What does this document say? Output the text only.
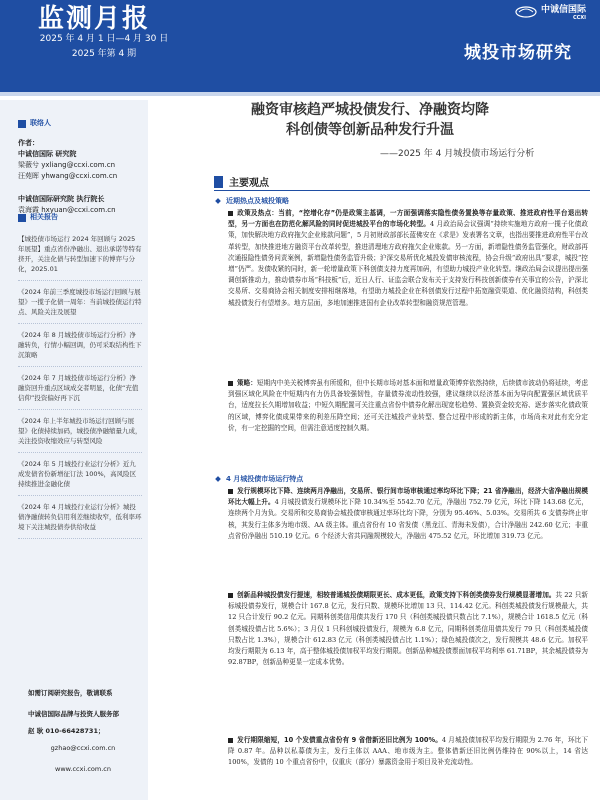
监测月报
2025 年 4 月 1 日—4 月 30 日
2025 年第 4 期
中诚信国际
CCXI
城投市场研究
联络人
作者：
中诚信国际 研究院
梁薇兮 yxliang@ccxi.com.cn
汪苑晖 yhwang@ccxi.com.cn
中诚信国际研究院 执行院长
袁海霞 hxyuan@ccxi.com.cn
相关报告
【城投债市场运行 2024 年回顾与 2025 年展望】重点省份净融出、退出承诺等特有挤开，关注化债与转型加速下的博弈与分化，2025.01
《2024 年前三季度城投市场运行回顾与展望》一揽子化债一周年：当前城投债运行特点、风险关注及展望
《2024 年 8 月城投债市场运行分析》净融转负，行情小幅回调，仍可采取结构性下沉策略
《2024 年 7 月城投债市场运行分析》净融资回升重点区域成交者明显，化债“充值信仰”投资偏好再下沉
《2024 年上半年城投市场运行回顾与展望》化债持续加码，城投债净融缩量九成，关注投资收缩效应与转型风险
《2024 年 5 月城投行业运行分析》近九成发债省份新增征订法 100%，高风险区持续推进金融化债
《2024 年 4 月城投行业运行分析》城投债净融债转负信用利差继续收窄，低利率环境下关注城投债券供给收益
如需订阅研究报告，敬请联系
中诚信国际品牌与投资人服务部
赵 耿 010-66428731；
gzhao@ccxi.com.cn
www.ccxi.com.cn
融资审核趋严城投债发行、净融资均降
科创债等创新品种发行升温
——2025 年 4 月城投债市场运行分析
主要观点
近期热点及城投策略
政策及热点：当前，“控增化存”仍是政策主基调，一方面强调落实隐性债务置换等存量政策、推进政府性平台退出转型，另一方面也在防范化解风险的同时促进城投平台的市场化转型。4 月政治局会议强调“持续实施地方政府一揽子化债政策，加快解决地方政府拖欠企业账款问题”，5 月初财政部部长蓝佛安在《求是》发表署名文章，也指出要推进政府性平台改革转型，加快推进地方融资平台改革转型，推进清理地方政府拖欠企业账款。另一方面，新增隐性债务监管强化，财政部再次通报隐性债务问责案例，新增隐性债务监管升级；沪深交易所优化城投发债审核流程，协会升级“政府出具”要求，城投“控增”仍严。发债收紧的同时，新一轮增量政策下科创债支持力度再加码，有望助力城投产业化转型。继政治局会议提出提出强调创新推动力，推动债券市场“科技板”后，近日人行、证监会联合发布关于支持发行科技创新债券有关事宜的公告，沪深北交易所、交易商协会相关制度安排相继落地，有望助力城投企业在科创债发行过程中拓宽融资渠道、优化融资结构，科创类城投债发行有望增多。地方层面，多地加速推进国有企业改革转型和融资规范管理。
策略：短期内中美关税博弈虽有所缓和，但中长期市场对基本面和增量政策博弈依然持续，后续债市波动仍将延续，考虑到强区域化风险在中短期内有力仍具备较强韧性，存量债券流动性较强，建议继续以经济基本面为导向配置强区域优质平台，适度拉长久期增加收益；中短久期配置可关注重点省份中债券化解出现宽松趋势、置换资金较充裕、逐步落实化债政策的区域，博弈化债成果带来的利差压降空间；还可关注城投产业转型、整合过程中形成的新主体，市场尚未对此有充分定价，有一定挖掘的空间，但需注意适度控制久期。
4 月城投债市场运行特点
发行规模环比下降、连续两月净融出，交易所、银行间市场审核通过率均环比下降；21 省净融出，经济大省净融出规模环比大幅上升。4 月城投债发行规模环比下降 10.34%至 5542.70 亿元，净融出 752.79 亿元，环比下降 143.68 亿元，连续两个月为负。交易所和交易商协会城投债审核通过率环比均下降，分别为 95.46%、5.03%。交易所共 6 支债券终止审核，其发行主体多为地市级、AA 级主体。重点省份有 10 省发债（黑龙江、青海未发债），合计净融出 242.60 亿元；非重点省份净融出 510.19 亿元。6 个经济大省共同融规模较大，净融出 475.52 亿元，环比增加 319.73 亿元。
创新品种城投债发行提速，相较普通城投债期限更长、成本更低，政策支持下科创类债券发行规模显著增加。共 22 只新标城投债券发行，规模合计 167.8 亿元，发行只数、规模环比增加 13 只、114.42 亿元。科创类城投债发行规模最大，共 12 只合计发行 90.2 亿元。同期科创类信用债共发行 170 只（科创类城投债只数占比 7.1%），规模合计 1618.5 亿元（科创类城投债占比 5.6%）；3 月仅 1 只科创城投债发行，规模为 6.8 亿元，同期科创类信用债共发行 79 只（科创类城投债只数占比 1.3%），规模合计 612.83 亿元（科创类城投债占比 1.1%）；绿色城投债次之，发行规模共 48.6 亿元。加权平均发行期限为 6.13 年，高于整体城投债加权平均发行期限。创新品种城投债票面加权平均利率 61.71BP，其余城投债券为 92.87BP，创新品种更显一定成本优势。
发行期限缩短，10 个发债重点省份有 9 省借新还旧比例为 100%。4 月城投债加权平均发行期限为 2.76 年，环比下降 0.87 年。品种以私募债为主，发行主体以 AAA、地市级为主。整体借新还旧比例仍维持在 90%以上，14 省达 100%，发债的 10 个重点省份中，仅重庆（部分）暴露资金用于项目及补充流动性。
